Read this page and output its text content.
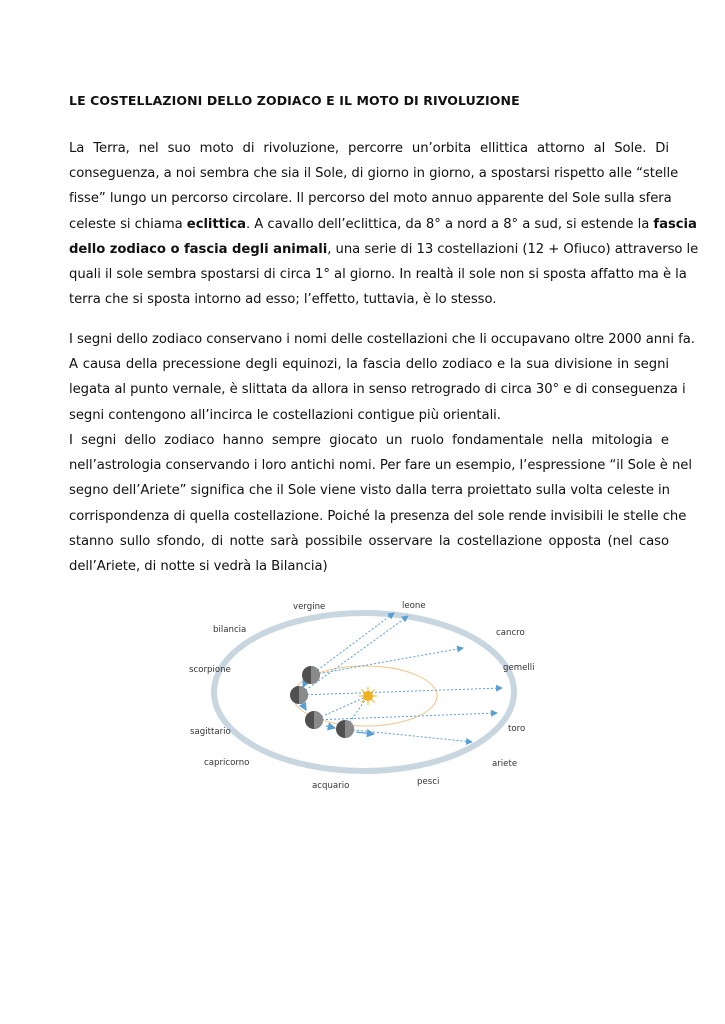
LE COSTELLAZIONI DELLO ZODIACO E IL MOTO DI RIVOLUZIONE
La Terra, nel suo moto di rivoluzione, percorre un’orbita ellittica attorno al Sole. Di
conseguenza, a noi sembra che sia il Sole, di giorno in giorno, a spostarsi rispetto alle “stelle
fisse” lungo un percorso circolare. Il percorso del moto annuo apparente del Sole sulla sfera
celeste si chiama eclittica. A cavallo dell’eclittica, da 8° a nord a 8° a sud, si estende la fascia
dello zodiaco o fascia degli animali, una serie di 13 costellazioni (12 + Ofiuco) attraverso le
quali il sole sembra spostarsi di circa 1° al giorno. In realtà il sole non si sposta affatto ma è la
terra che si sposta intorno ad esso; l’effetto, tuttavia, è lo stesso.
I segni dello zodiaco conservano i nomi delle costellazioni che li occupavano oltre 2000 anni fa.
A causa della precessione degli equinozi, la fascia dello zodiaco e la sua divisione in segni
legata al punto vernale, è slittata da allora in senso retrogrado di circa 30° e di conseguenza i
segni contengono all’incirca le costellazioni contigue più orientali.
I segni dello zodiaco hanno sempre giocato un ruolo fondamentale nella mitologia e
nell’astrologia conservando i loro antichi nomi. Per fare un esempio, l’espressione “il Sole è nel
segno dell’Ariete” significa che il Sole viene visto dalla terra proiettato sulla volta celeste in
corrispondenza di quella costellazione. Poiché la presenza del sole rende invisibili le stelle che
stanno sullo sfondo, di notte sarà possibile osservare la costellazione opposta (nel caso
dell’Ariete, di notte si vedrà la Bilancia)
vergine	leone
bilancia	cancro
scorpione	gemelli
sagittario	toro
capricorno	ariete
acquario	pesci
